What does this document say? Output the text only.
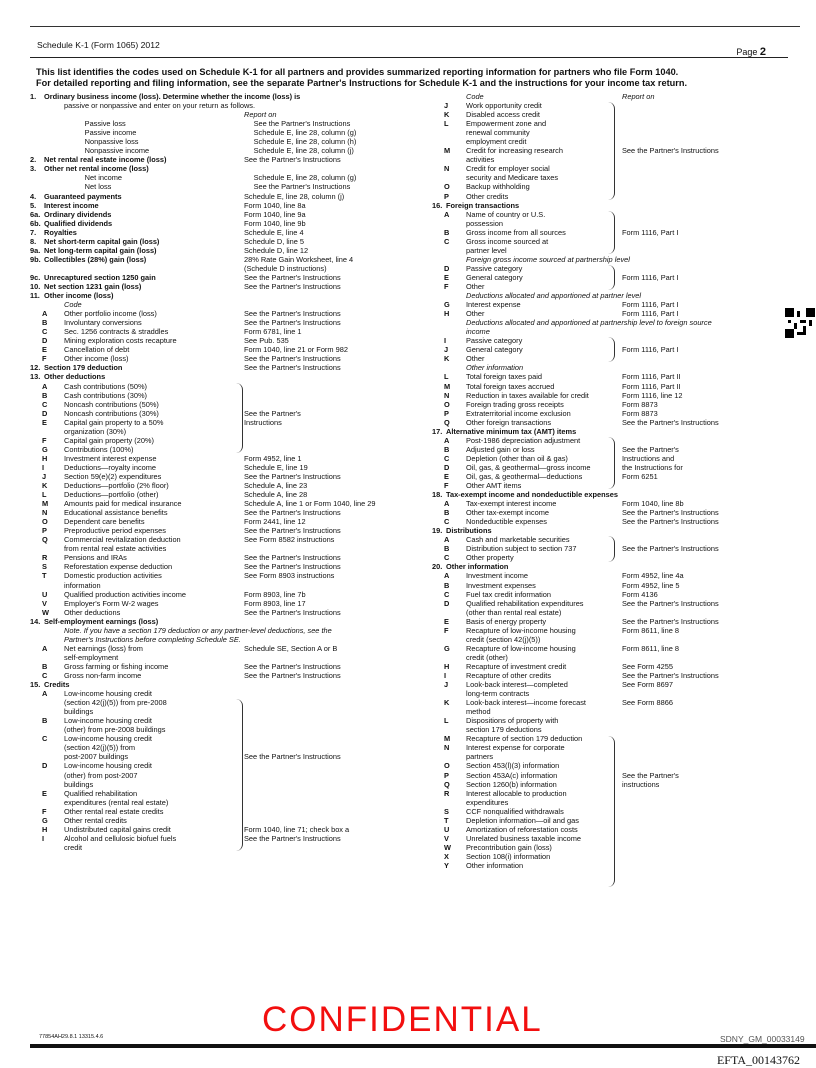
Schedule K-1 (Form 1065) 2012
Page 2
This list identifies the codes used on Schedule K-1 for all partners and provides summarized reporting information for partners who file Form 1040.
For detailed reporting and filing information, see the separate Partner's Instructions for Schedule K-1 and the instructions for your income tax return.
1.	Ordinary business income (loss). Determine whether the income (loss) is
passive or nonpassive and enter on your return as follows.
Report on
Passive loss	See the Partner's Instructions
Passive income	Schedule E, line 28, column (g)
Nonpassive loss	Schedule E, line 28, column (h)
Nonpassive income	Schedule E, line 28, column (j)
2.	Net rental real estate income (loss)	See the Partner's Instructions
3.	Other net rental income (loss)
Net income	Schedule E, line 28, column (g)
Net loss	See the Partner's Instructions
4.	Guaranteed payments	Schedule E, line 28, column (j)
5.	Interest income	Form 1040, line 8a
6a. Ordinary dividends	Form 1040, line 9a
6b. Qualified dividends	Form 1040, line 9b
7.	Royalties	Schedule E, line 4
8.	Net short-term capital gain (loss)	Schedule D, line 5
9a. Net long-term capital gain (loss)	Schedule D, line 12
9b. Collectibles (28%) gain (loss)	28% Rate Gain Worksheet, line 4
(Schedule D instructions)
9c. Unrecaptured section 1250 gain	See the Partner's Instructions
10. Net section 1231 gain (loss)	See the Partner's Instructions
11. Other income (loss)
Code
A	Other portfolio income (loss)	See the Partner's Instructions
B	Involuntary conversions	See the Partner's Instructions
C	Sec. 1256 contracts & straddles	Form 6781, line 1
D	Mining exploration costs recapture	See Pub. 535
E	Cancellation of debt	Form 1040, line 21 or Form 982
F	Other income (loss)	See the Partner's Instructions
12. Section 179 deduction	See the Partner's Instructions
13. Other deductions
A	Cash contributions (50%)
B	Cash contributions (30%)
C	Noncash contributions (50%)
D	Noncash contributions (30%)	See the Partner's
E	Capital gain property to a 50%	Instructions
organization (30%)
F	Capital gain property (20%)
G	Contributions (100%)
H	Investment interest expense	Form 4952, line 1
I	Deductions—royalty income	Schedule E, line 19
J	Section 59(e)(2) expenditures	See the Partner's Instructions
K	Deductions—portfolio (2% floor)	Schedule A, line 23
L	Deductions—portfolio (other)	Schedule A, line 28
M	Amounts paid for medical insurance	Schedule A, line 1 or Form 1040, line 29
N	Educational assistance benefits	See the Partner's Instructions
O	Dependent care benefits	Form 2441, line 12
P	Preproductive period expenses	See the Partner's Instructions
Q	Commercial revitalization deduction	See Form 8582 instructions
from rental real estate activities
R	Pensions and IRAs	See the Partner's Instructions
S	Reforestation expense deduction	See the Partner's Instructions
T	Domestic production activities	See Form 8903 instructions
information
U	Qualified production activities income	Form 8903, line 7b
V	Employer's Form W-2 wages	Form 8903, line 17
W	Other deductions	See the Partner's Instructions
14. Self-employment earnings (loss)
Note. If you have a section 179 deduction or any partner-level deductions, see the
Partner's Instructions before completing Schedule SE.
A	Net earnings (loss) from	Schedule SE, Section A or B
self-employment
B	Gross farming or fishing income	See the Partner's Instructions
C	Gross non-farm income	See the Partner's Instructions
15. Credits
A	Low-income housing credit
(section 42(j)(5)) from pre-2008
buildings
B	Low-income housing credit
(other) from pre-2008 buildings
C	Low-income housing credit
(section 42(j)(5)) from
post-2007 buildings	See the Partner's Instructions
D	Low-income housing credit
(other) from post-2007
buildings
E	Qualified rehabilitation
expenditures (rental real estate)
F	Other rental real estate credits
G	Other rental credits
H	Undistributed capital gains credit	Form 1040, line 71; check box a
I	Alcohol and cellulosic biofuel fuels	See the Partner's Instructions
credit
Code	Report on
J	Work opportunity credit
K	Disabled access credit
L	Empowerment zone and
renewal community
employment credit
M	Credit for increasing research	See the Partner's Instructions
activities
N	Credit for employer social
security and Medicare taxes
O	Backup withholding
P	Other credits
16. Foreign transactions
A	Name of country or U.S.
possession
B	Gross income from all sources	Form 1116, Part I
C	Gross income sourced at
partner level
Foreign gross income sourced at partnership level
D	Passive category
E	General category	Form 1116, Part I
F	Other
Deductions allocated and apportioned at partner level
G	Interest expense	Form 1116, Part I
H	Other	Form 1116, Part I
Deductions allocated and apportioned at partnership level to foreign source
income
I	Passive category
J	General category	Form 1116, Part I
K	Other
Other information
L	Total foreign taxes paid	Form 1116, Part II
M	Total foreign taxes accrued	Form 1116, Part II
N	Reduction in taxes available for credit	Form 1116, line 12
O	Foreign trading gross receipts	Form 8873
P	Extraterritorial income exclusion	Form 8873
Q	Other foreign transactions	See the Partner's Instructions
17. Alternative minimum tax (AMT) items
A	Post-1986 depreciation adjustment
B	Adjusted gain or loss	See the Partner's
C	Depletion (other than oil & gas)	Instructions and
D	Oil, gas, & geothermal—gross income	the Instructions for
E	Oil, gas, & geothermal—deductions	Form 6251
F	Other AMT items
18. Tax-exempt income and nondeductible expenses
A	Tax-exempt interest income	Form 1040, line 8b
B	Other tax-exempt income	See the Partner's Instructions
C	Nondeductible expenses	See the Partner's Instructions
19. Distributions
A	Cash and marketable securities
B	Distribution subject to section 737	See the Partner's Instructions
C	Other property
20. Other information
A	Investment income	Form 4952, line 4a
B	Investment expenses	Form 4952, line 5
C	Fuel tax credit information	Form 4136
D	Qualified rehabilitation expenditures	See the Partner's Instructions
(other than rental real estate)
E	Basis of energy property	See the Partner's Instructions
F	Recapture of low-income housing	Form 8611, line 8
credit (section 42(j)(5))
G	Recapture of low-income housing	Form 8611, line 8
credit (other)
H	Recapture of investment credit	See Form 4255
I	Recapture of other credits	See the Partner's Instructions
J	Look-back interest—completed	See Form 8697
long-term contracts
K	Look-back interest—income forecast	See Form 8866
method
L	Dispositions of property with
section 179 deductions
M	Recapture of section 179 deduction
N	Interest expense for corporate
partners
O	Section 453(l)(3) information
P	Section 453A(c) information	See the Partner's
Q	Section 1260(b) information	instructions
R	Interest allocable to production
expenditures
S	CCF nonqualified withdrawals
T	Depletion information—oil and gas
U	Amortization of reforestation costs
V	Unrelated business taxable income
W	Precontribution gain (loss)
X	Section 108(i) information
Y	Other information
CONFIDENTIAL
77854AH29.8.1 13315.4.6	SDNY_GM_00033149
EFTA_00143762
